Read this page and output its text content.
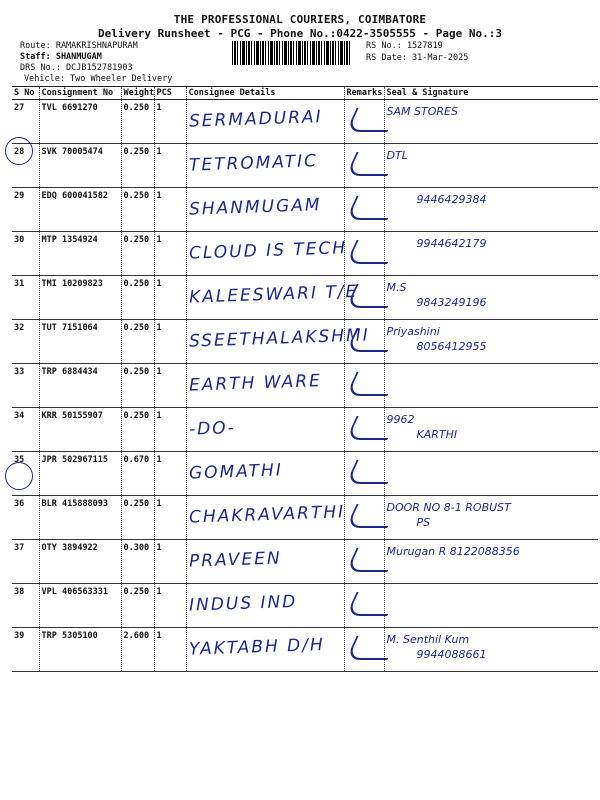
THE PROFESSIONAL COURIERS, COIMBATORE
Delivery Runsheet - PCG - Phone No.:0422-3505555 - Page No.:3
Route: RAMAKRISHNAPURAM
Staff: SHANMUGAM
DRS No.: DCJB152781903
Vehicle: Two Wheeler Delivery
RS No.: 1527819
RS Date: 31-Mar-2025
S No	Consignment No	Weight	PCS	Consignee Details	Remarks	Seal & Signature
27	TVL 6691270	0.250	1	SERMADURAI		SAM STORES

28	SVK 70005474	0.250	1	TETROMATIC		DTL

29	EDQ 600041582	0.250	1	SHANMUGAM		9446429384

30	MTP 1354924	0.250	1	CLOUD IS TECH		9944642179

31	TMI 10209823	0.250	1	KALEESWARI T/E		M.S
9843249196

32	TUT 7151064	0.250	1	SSEETHALAKSHMI		Priyashini
8056412955

33	TRP 6884434	0.250	1	EARTH WARE		

34	KRR 50155907	0.250	1	-DO-		9962
KARTHI

35	JPR 502967115	0.670	1	GOMATHI		

36	BLR 415888093	0.250	1	CHAKRAVARTHI		DOOR NO 8-1 ROBUST
PS

37	OTY 3894922	0.300	1	PRAVEEN		Murugan R 8122088356

38	VPL 406563331	0.250	1	INDUS IND		

39	TRP 5305100	2.600	1	YAKTABH D/H		M. Senthil Kum
9944088661
